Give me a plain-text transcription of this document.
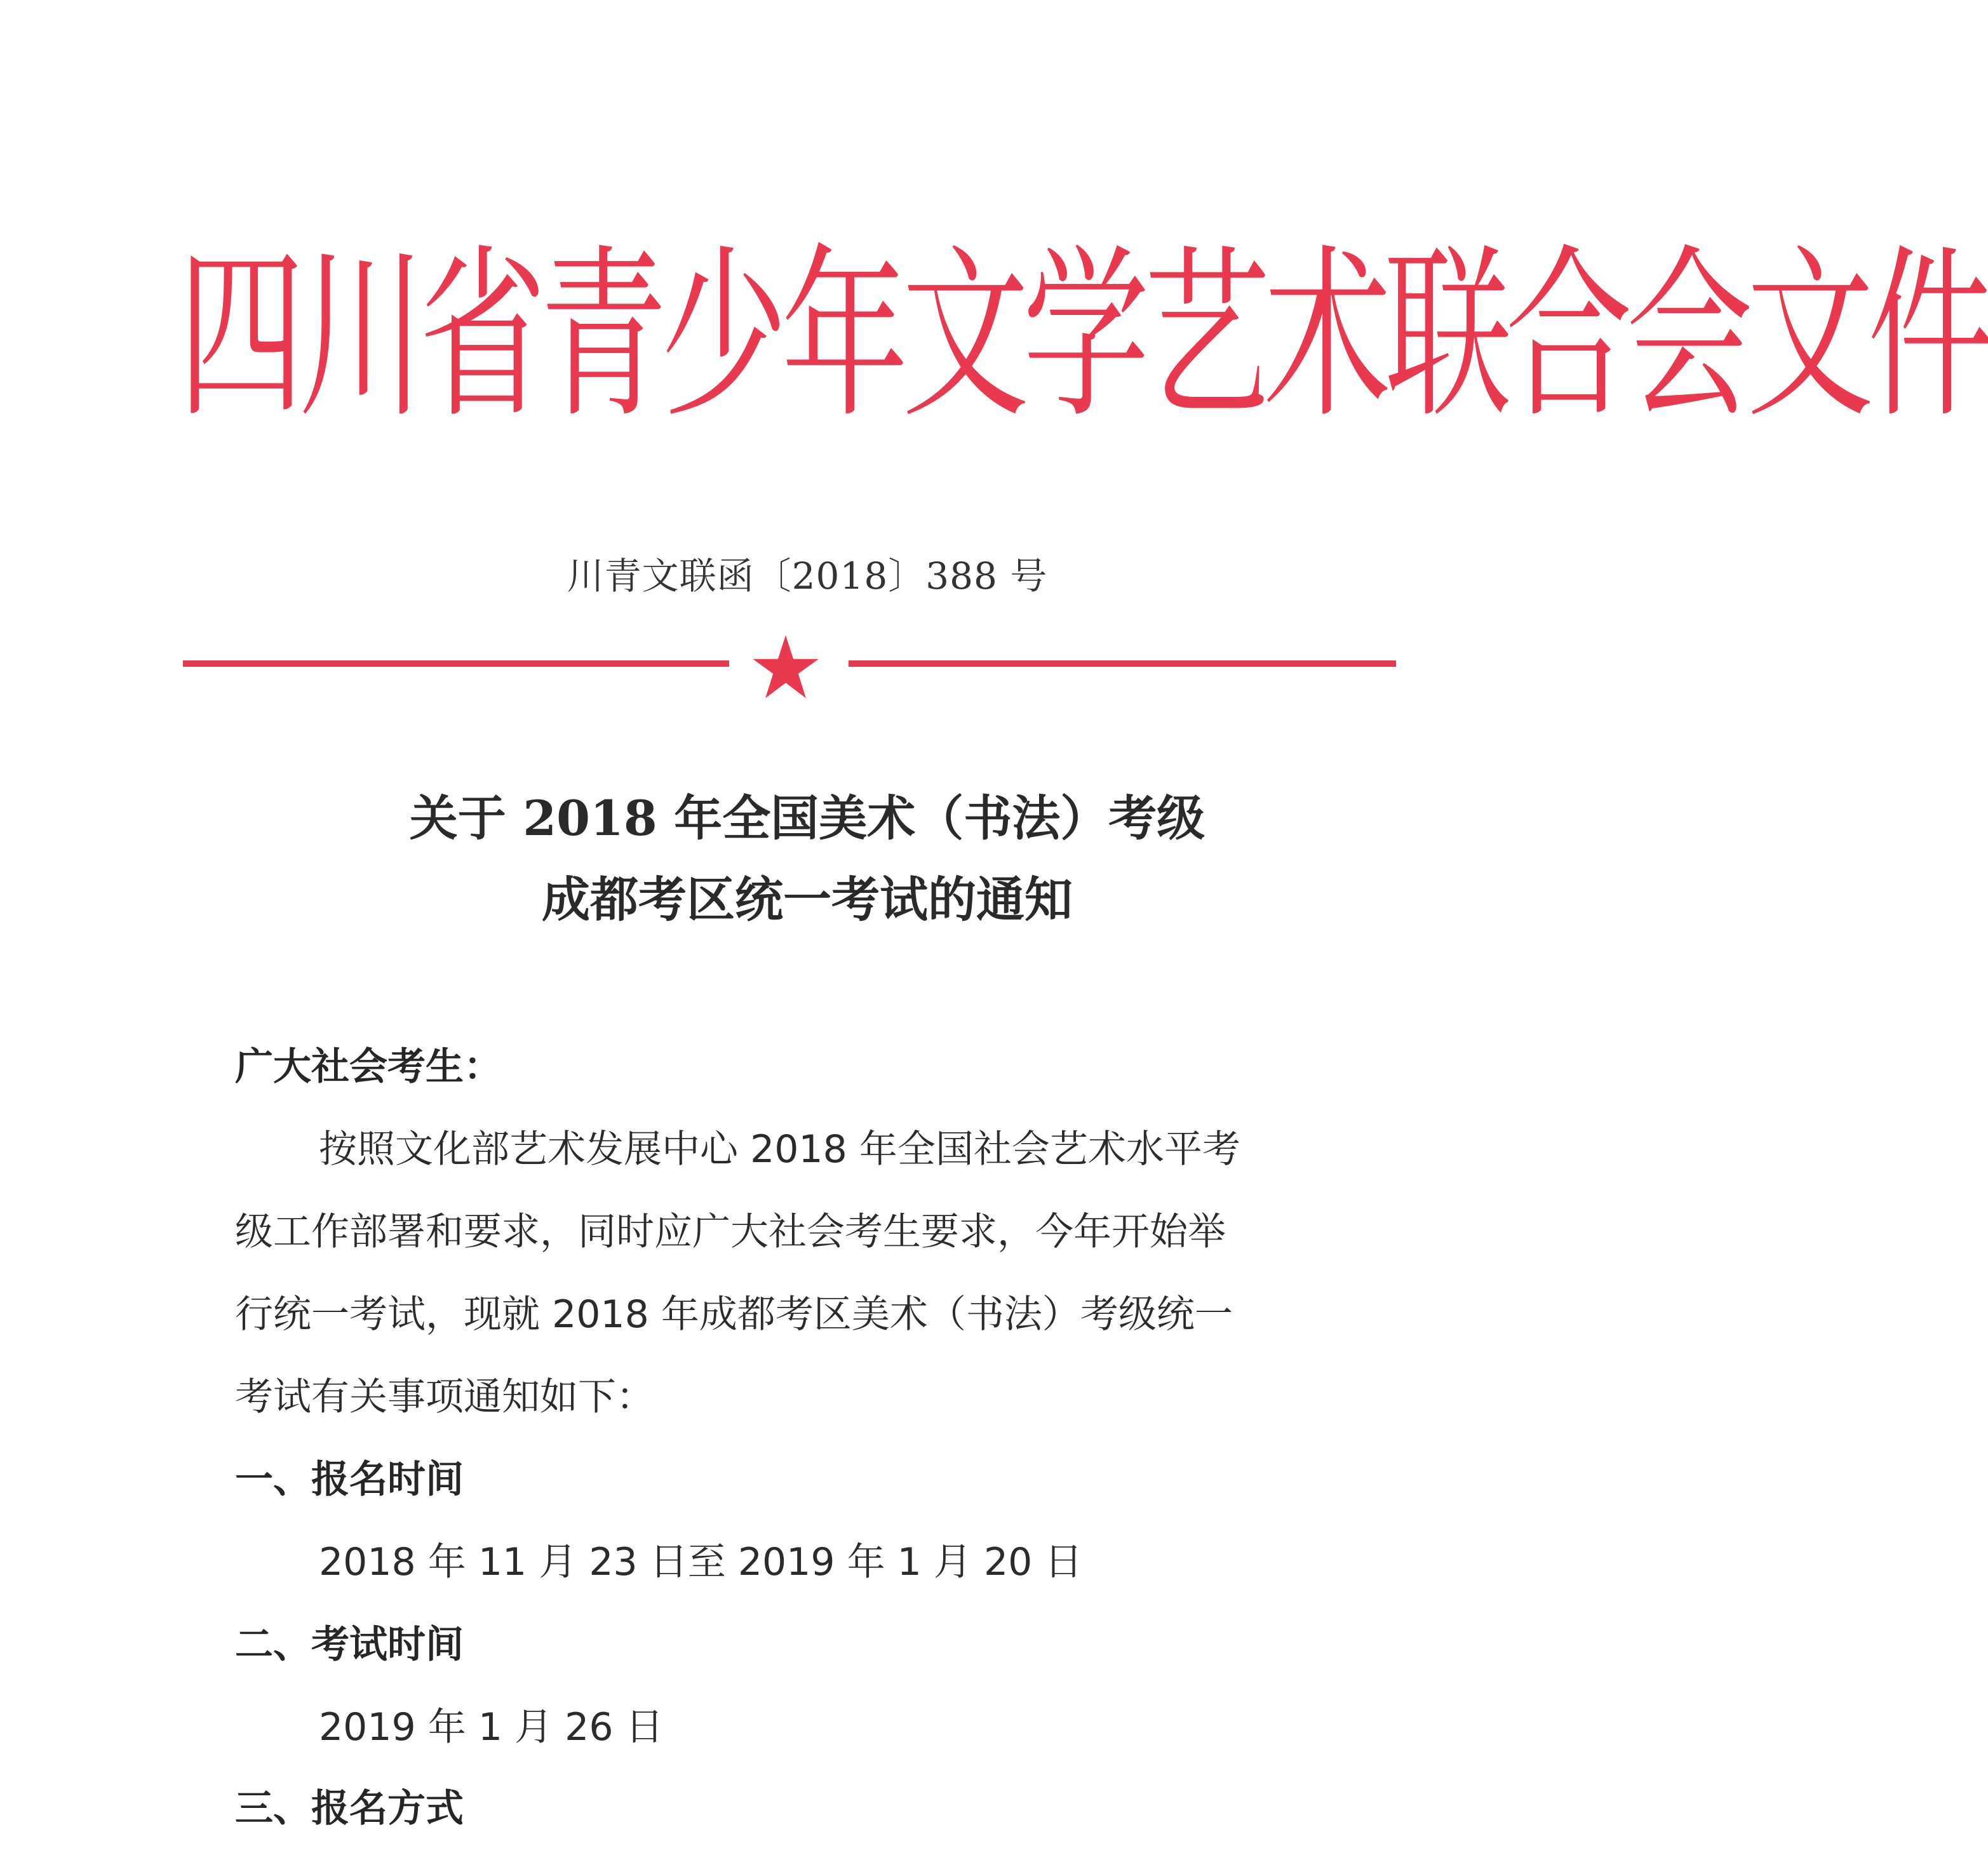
四 川 省 青 少 年 文 学 艺 术 联 合 会 文 件
川青文联函〔2018〕388 号
关于 2018 年全国美术（书法）考级
成都考区统一考试的通知
广大社会考生：
按照文化部艺术发展中心 2018 年全国社会艺术水平考
级工作部署和要求，同时应广大社会考生要求，今年开始举
行统一考试，现就 2018 年成都考区美术（书法）考级统一
考试有关事项通知如下：
一、报名时间
2018 年 11 月 23 日至 2019 年 1 月 20 日
二、考试时间
2019 年 1 月 26 日
三、报名方式
